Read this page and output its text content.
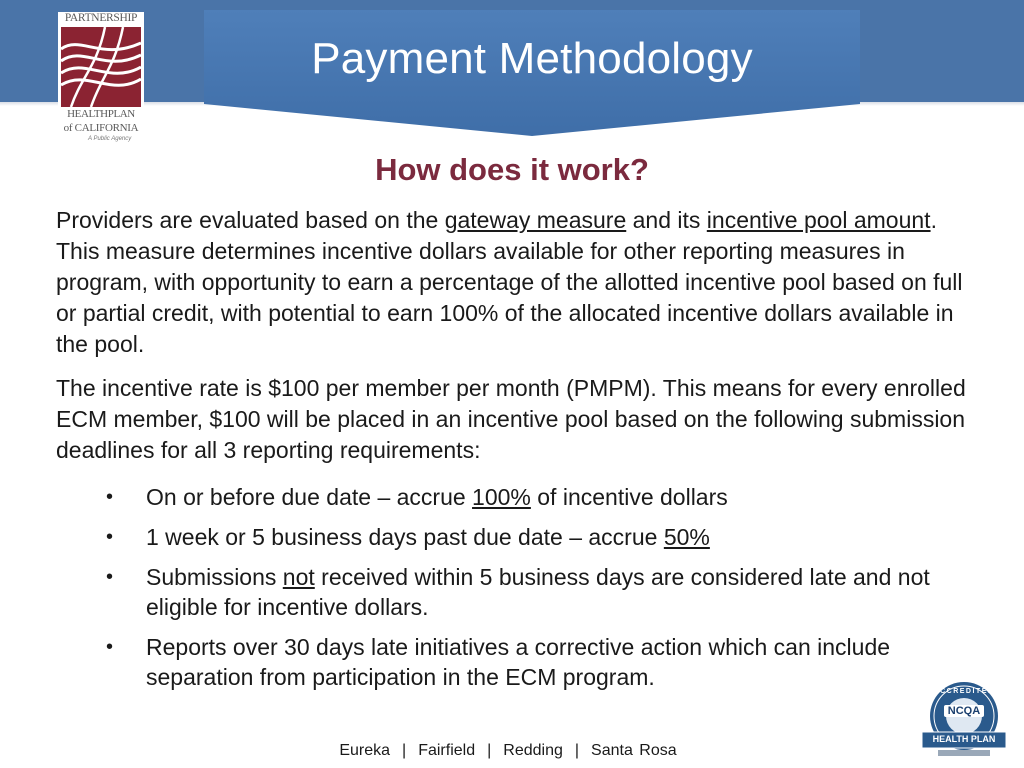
Payment Methodology
PARTNERSHIP
HEALTHPLAN
of CALIFORNIA
A Public Agency
How does it work?
Providers are evaluated based on the gateway measure and its incentive pool amount. This measure determines incentive dollars available for other reporting measures in program, with opportunity to earn a percentage of the allotted incentive pool based on full or partial credit, with potential to earn 100% of the allocated incentive dollars available in the pool.
The incentive rate is $100 per member per month (PMPM). This means for every enrolled ECM member, $100 will be placed in an incentive pool based on the following submission deadlines for all 3 reporting requirements:
• On or before due date – accrue 100% of incentive dollars
• 1 week or 5 business days past due date – accrue 50%
• Submissions not received within 5 business days are considered late and not eligible for incentive dollars.
• Reports over 30 days late initiatives a corrective action which can include separation from participation in the ECM program.
Eureka | Fairfield | Redding | Santa Rosa
ACCREDITED
NCQA
HEALTH PLAN
